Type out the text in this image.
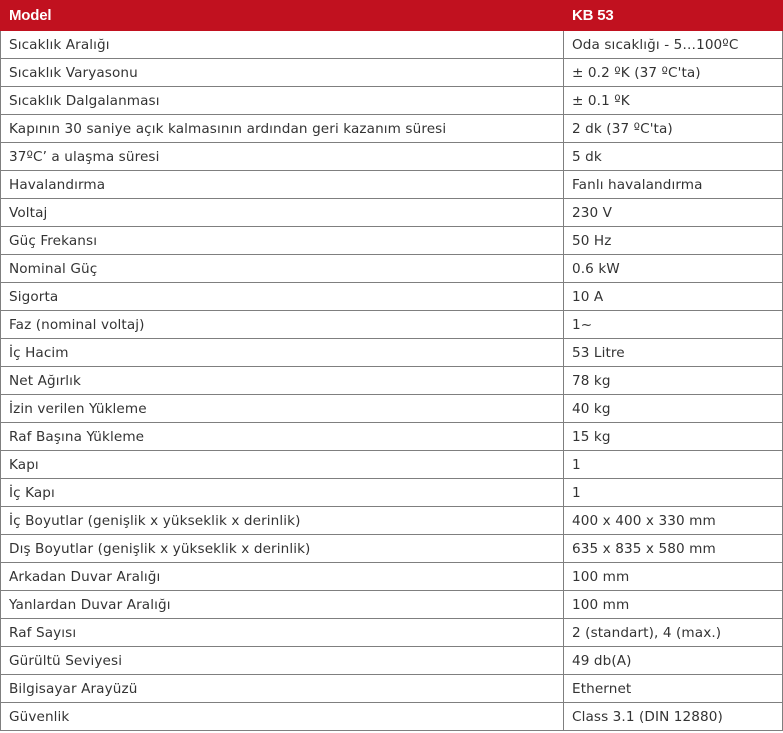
Model	KB 53
Sıcaklık Aralığı	Oda sıcaklığı - 5…100ºC
Sıcaklık Varyasonu	± 0.2 ºK (37 ºC'ta)
Sıcaklık Dalgalanması	± 0.1 ºK
Kapının 30 saniye açık kalmasının ardından geri kazanım süresi	2 dk (37 ºC'ta)
37ºC’ a ulaşma süresi	5 dk
Havalandırma	Fanlı havalandırma
Voltaj	230 V
Güç Frekansı	50 Hz
Nominal Güç	0.6 kW
Sigorta	10 A
Faz (nominal voltaj)	1~
İç Hacim	53 Litre
Net Ağırlık	78 kg
İzin verilen Yükleme	40 kg
Raf Başına Yükleme	15 kg
Kapı	1
İç Kapı	1
İç Boyutlar (genişlik x yükseklik x derinlik)	400 x 400 x 330 mm
Dış Boyutlar (genişlik x yükseklik x derinlik)	635 x 835 x 580 mm
Arkadan Duvar Aralığı	100 mm
Yanlardan Duvar Aralığı	100 mm
Raf Sayısı	2 (standart), 4 (max.)
Gürültü Seviyesi	49 db(A)
Bilgisayar Arayüzü	Ethernet
Güvenlik	Class 3.1 (DIN 12880)
